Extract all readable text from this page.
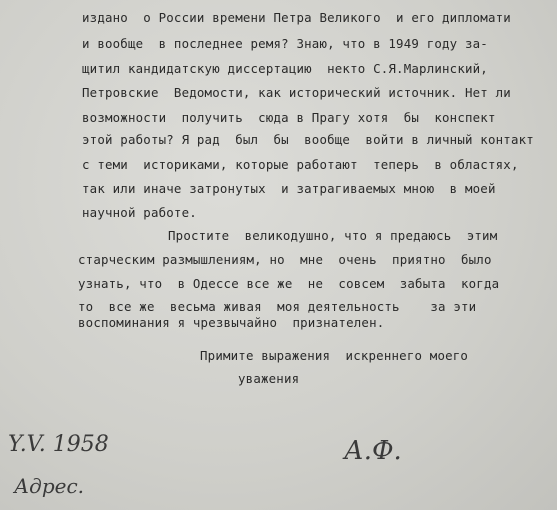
издано  о России времени Петра Великого  и его дипломати
и вообще  в последнее ремя? Знаю, что в 1949 году за-
щитил кандидатскую диссертацию  некто С.Я.Марлинский,
Петровские  Ведомости, как исторический источник. Нет ли
возможности  получить  сюда в Прагу хотя  бы  конспект
этой работы? Я рад  был  бы  вообще  войти в личный контакт
с теми  историками, которые работают  теперь  в областях,
так или иначе затронутых  и затрагиваемых мною  в моей
научной работе.
Простите  великодушно, что я предаюсь  этим
старческим размышлениям, но  мне  очень  приятно  было
узнать, что  в Одессе все же  не  совсем  забыта  когда
то  все же  весьма живая  моя деятельность    за эти
воспоминания я чрезвычайно  признателен.
Примите выражения  искреннего моего
уважения
Y.V. 1958	А.Ф.
Адрес.
